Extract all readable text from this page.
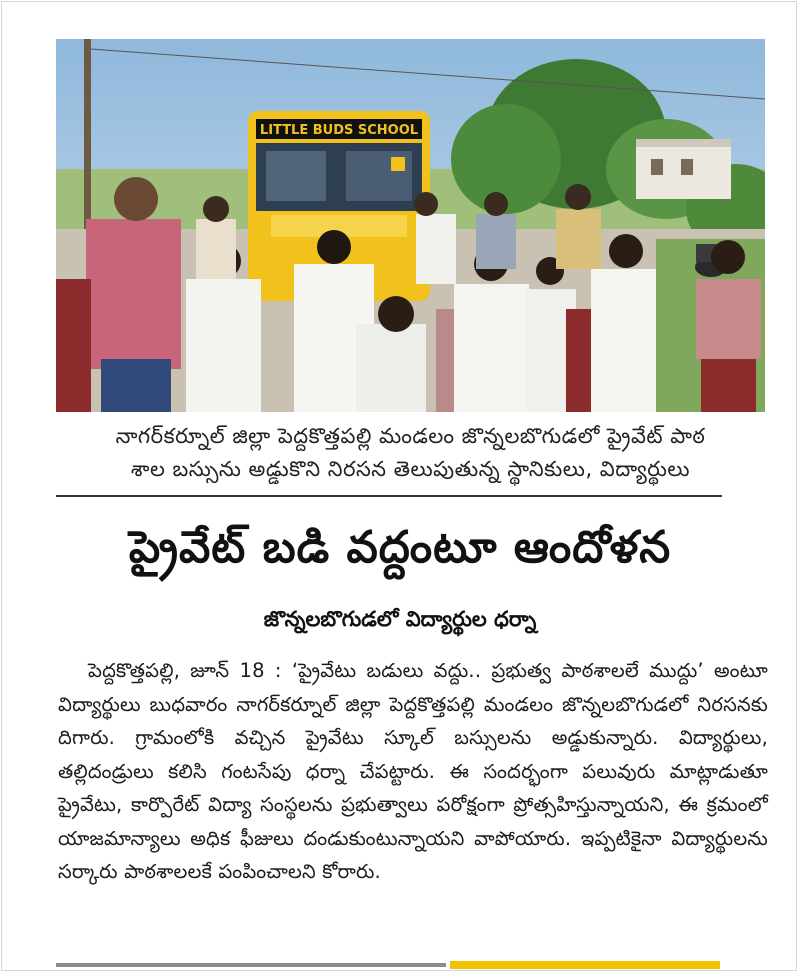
LITTLE BUDS SCHOOL
నాగర్‌కర్నూల్‌ జిల్లా పెద్దకొత్తపల్లి మండలం జొన్నలబొగుడలో ప్రైవేట్‌ పాఠ
శాల బస్సును అడ్డుకొని నిరసన తెలుపుతున్న స్థానికులు, విద్యార్థులు
ప్రైవేట్‌ బడి వద్దంటూ ఆందోళన
జొన్నలబొగుడలో విద్యార్థుల ధర్నా

పెద్దకొత్తపల్లి, జూన్‌ 18 : ‘ప్రైవేటు బడులు వద్దు.. ప్రభుత్వ పాఠశాలలే ముద్దు’ అంటూ విద్యార్థులు బుధవారం నాగర్‌కర్నూల్‌ జిల్లా పెద్దకొత్తపల్లి మండలం జొన్నలబొగుడలో నిరసనకు దిగారు. గ్రామంలోకి వచ్చిన ప్రైవేటు స్కూల్‌ బస్సులను అడ్డుకున్నారు. విద్యార్థులు, తల్లిదండ్రులు కలిసి గంటసేపు ధర్నా చేపట్టారు. ఈ సందర్భంగా పలువురు మాట్లాడుతూ ప్రైవేటు, కార్పొరేట్‌ విద్యా సంస్థలను ప్రభుత్వాలు పరోక్షంగా ప్రోత్సహిస్తున్నాయని, ఈ క్రమంలో యాజమాన్యాలు అధిక ఫీజులు దండుకుంటున్నాయని వాపోయారు. ఇప్పటికైనా విద్యార్థులను సర్కారు పాఠశాలలకే పంపించాలని కోరారు.
